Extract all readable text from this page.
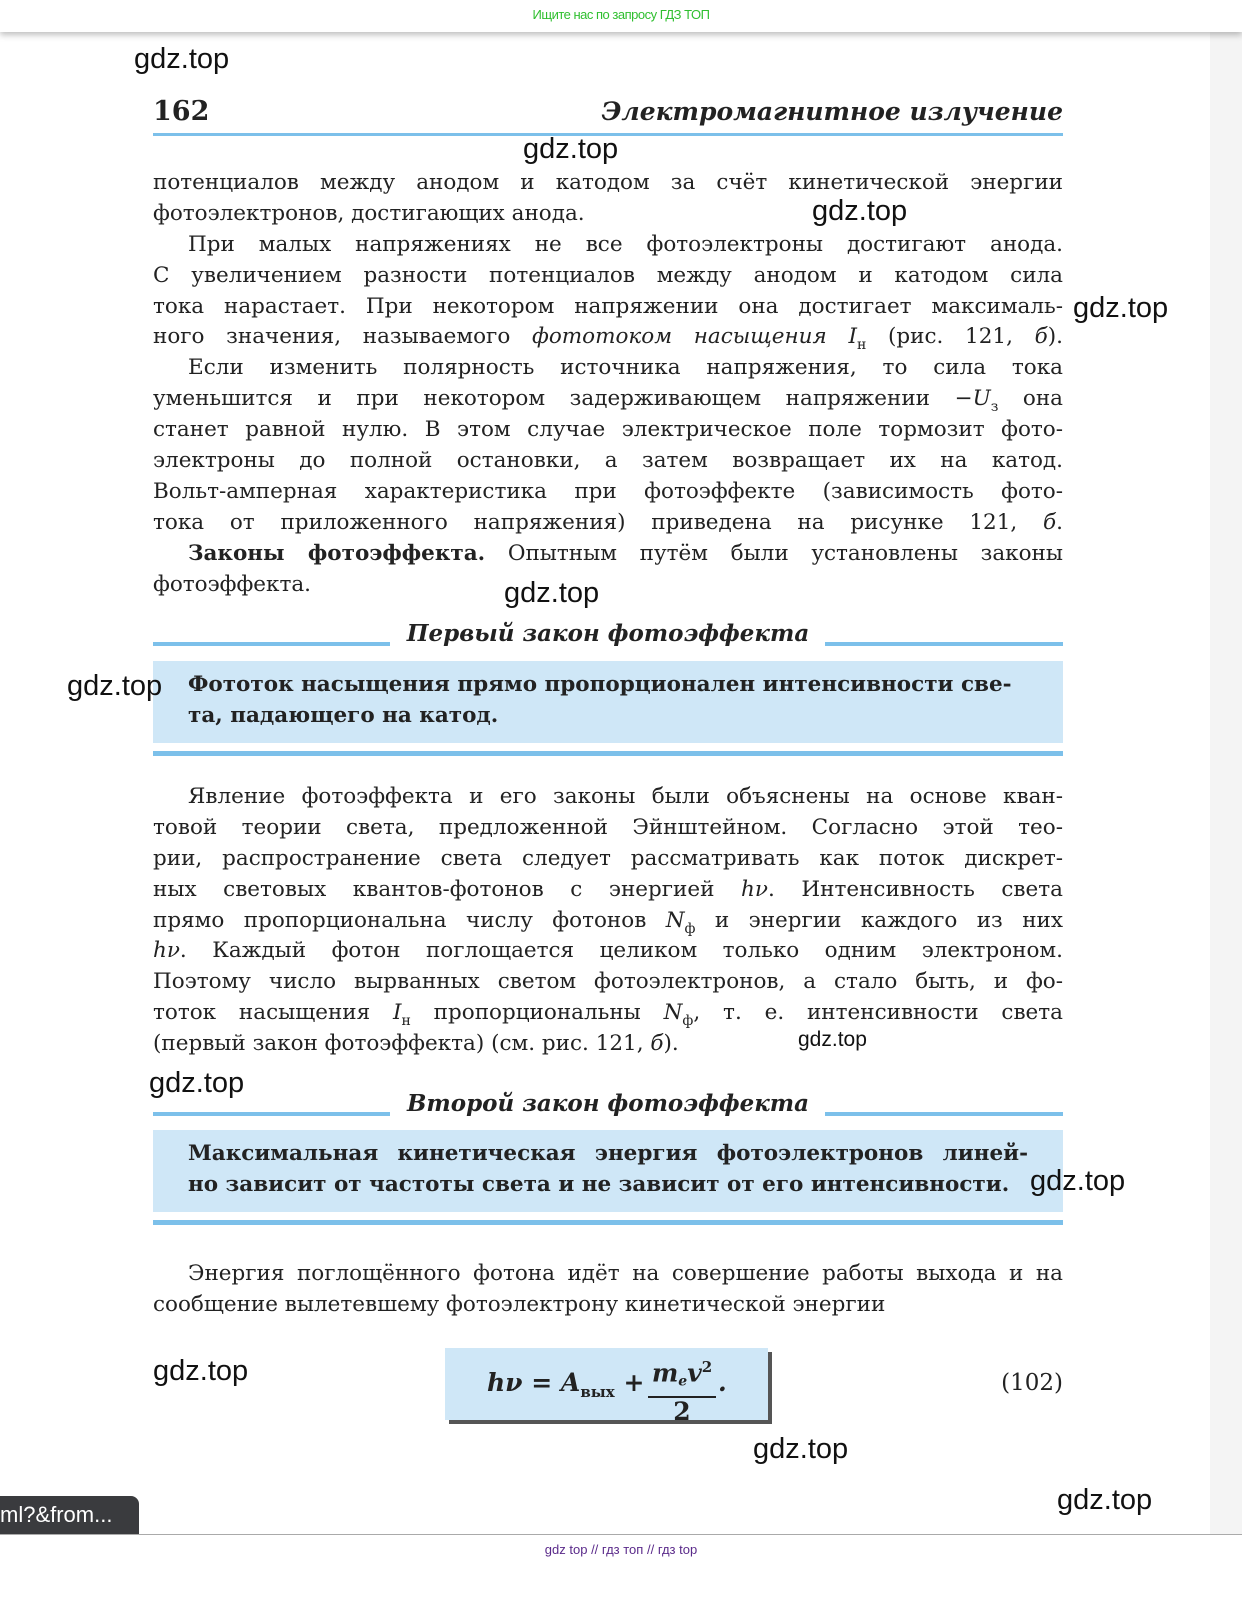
Ищите нас по запросу ГДЗ ТОП
162	Электромагнитное излучение
потенциалов между анодом и катодом за счёт кинетической энергии
фотоэлектронов, достигающих анода.
При малых напряжениях не все фотоэлектроны достигают анода.
С увеличением разности потенциалов между анодом и катодом сила
тока нарастает. При некотором напряжении она достигает максималь-
ного значения, называемого фототоком насыщения $I_н$ (рис. 121, б).
Если изменить полярность источника напряжения, то сила тока
уменьшится и при некотором задерживающем напряжении $-U_з$ она
станет равной нулю. В этом случае электрическое поле тормозит фото-
электроны до полной остановки, а затем возвращает их на катод.
Вольт-амперная характеристика при фотоэффекте (зависимость фото-
тока от приложенного напряжения) приведена на рисунке 121, б.
Законы фотоэффекта. Опытным путём были установлены законы
фотоэффекта.
Первый закон фотоэффекта
Фототок насыщения прямо пропорционален интенсивности све-
та, падающего на катод.
Явление фотоэффекта и его законы были объяснены на основе кван-
товой теории света, предложенной Эйнштейном. Согласно этой тео-
рии, распространение света следует рассматривать как поток дискрет-
ных световых квантов-фотонов с энергией hν. Интенсивность света
прямо пропорциональна числу фотонов $N_ф$ и энергии каждого из них
hν. Каждый фотон поглощается целиком только одним электроном.
Поэтому число вырванных светом фотоэлектронов, а стало быть, и фо-
тоток насыщения $I_н$ пропорциональны $N_ф$, т. е. интенсивности света
(первый закон фотоэффекта) (см. рис. 121, б).
Второй закон фотоэффекта
Максимальная кинетическая энергия фотоэлектронов линей-
но зависит от частоты света и не зависит от его интенсивности.
Энергия поглощённого фотона идёт на совершение работы выхода и на
сообщение вылетевшему фотоэлектрону кинетической энергии
$h\nu = A_{вых} + mev^2$
2
.	(102)
gdz.top
gdz.top
gdz.top
gdz.top
gdz.top
gdz.top
gdz.top
gdz.top
gdz.top
gdz.top
gdz.top
gdz.top
ml?&from...
gdz top // гдз топ // гдз top
